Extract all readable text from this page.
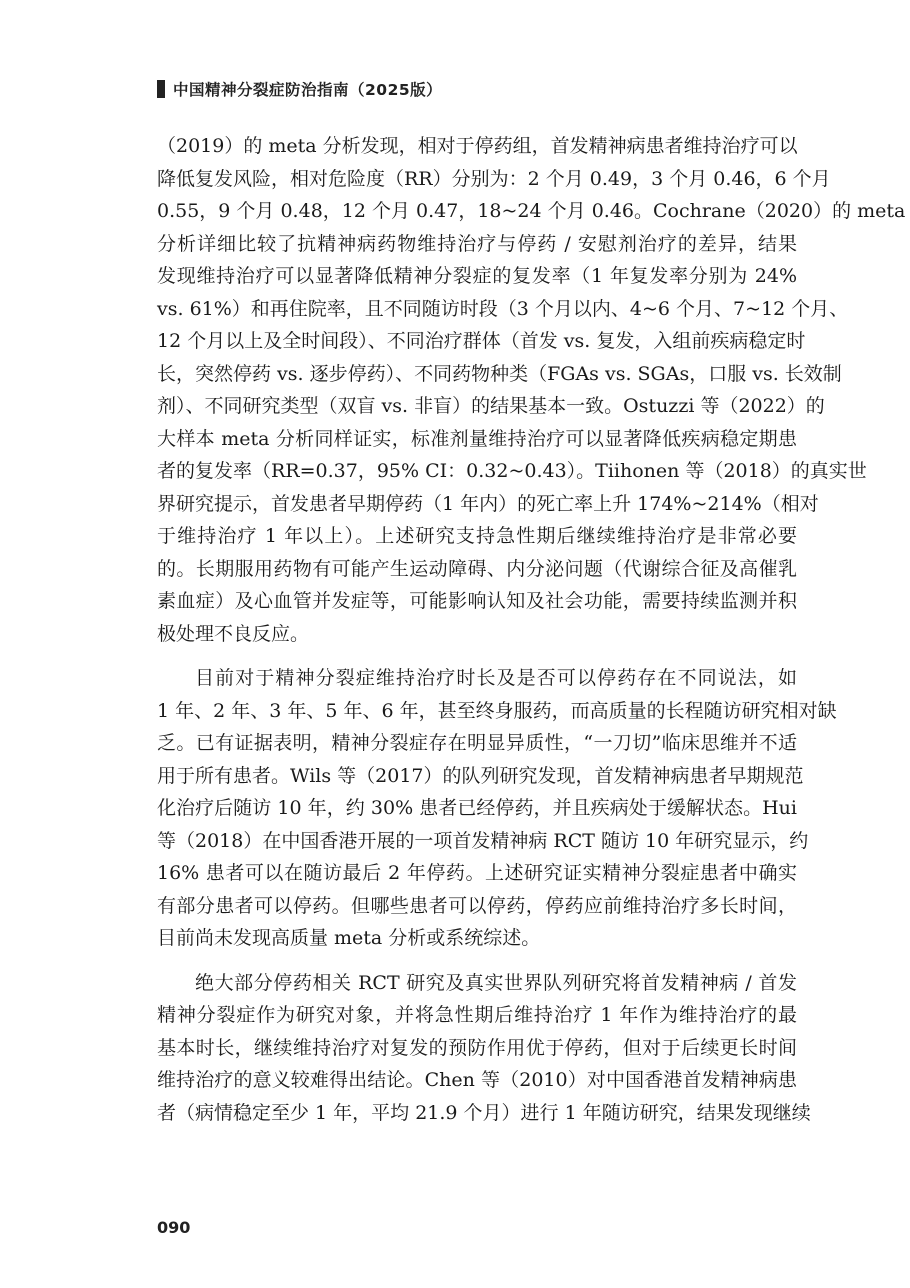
中国精神分裂症防治指南（2025版）
（2019）的 meta 分析发现，相对于停药组，首发精神病患者维持治疗可以
降低复发风险，相对危险度（RR）分别为：2 个月 0.49，3 个月 0.46，6 个月
0.55，9 个月 0.48，12 个月 0.47，18~24 个月 0.46。Cochrane（2020）的 meta
分析详细比较了抗精神病药物维持治疗与停药 / 安慰剂治疗的差异，结果
发现维持治疗可以显著降低精神分裂症的复发率（1 年复发率分别为 24%
vs. 61%）和再住院率，且不同随访时段（3 个月以内、4~6 个月、7~12 个月、
12 个月以上及全时间段）、不同治疗群体（首发 vs. 复发，入组前疾病稳定时
长，突然停药 vs. 逐步停药）、不同药物种类（FGAs vs. SGAs，口服 vs. 长效制
剂）、不同研究类型（双盲 vs. 非盲）的结果基本一致。Ostuzzi 等（2022）的
大样本 meta 分析同样证实，标准剂量维持治疗可以显著降低疾病稳定期患
者的复发率（RR=0.37，95% CI：0.32~0.43）。Tiihonen 等（2018）的真实世
界研究提示，首发患者早期停药（1 年内）的死亡率上升 174%~214%（相对
于维持治疗 1 年以上）。上述研究支持急性期后继续维持治疗是非常必要
的。长期服用药物有可能产生运动障碍、内分泌问题（代谢综合征及高催乳
素血症）及心血管并发症等，可能影响认知及社会功能，需要持续监测并积
极处理不良反应。
目前对于精神分裂症维持治疗时长及是否可以停药存在不同说法，如
1 年、2 年、3 年、5 年、6 年，甚至终身服药，而高质量的长程随访研究相对缺
乏。已有证据表明，精神分裂症存在明显异质性，“一刀切”临床思维并不适
用于所有患者。Wils 等（2017）的队列研究发现，首发精神病患者早期规范
化治疗后随访 10 年，约 30% 患者已经停药，并且疾病处于缓解状态。Hui
等（2018）在中国香港开展的一项首发精神病 RCT 随访 10 年研究显示，约
16% 患者可以在随访最后 2 年停药。上述研究证实精神分裂症患者中确实
有部分患者可以停药。但哪些患者可以停药，停药应前维持治疗多长时间，
目前尚未发现高质量 meta 分析或系统综述。
绝大部分停药相关 RCT 研究及真实世界队列研究将首发精神病 / 首发
精神分裂症作为研究对象，并将急性期后维持治疗 1 年作为维持治疗的最
基本时长，继续维持治疗对复发的预防作用优于停药，但对于后续更长时间
维持治疗的意义较难得出结论。Chen 等（2010）对中国香港首发精神病患
者（病情稳定至少 1 年，平均 21.9 个月）进行 1 年随访研究，结果发现继续
090
